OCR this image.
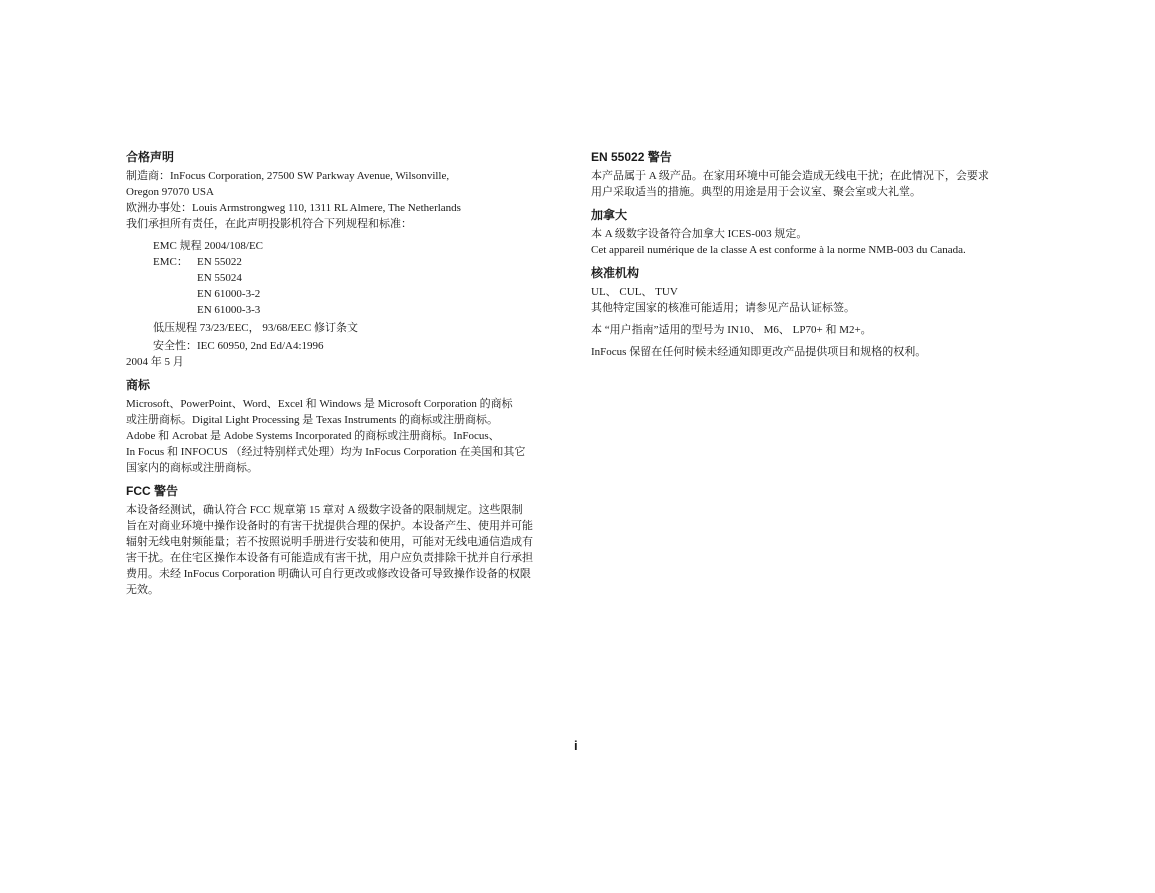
合格声明
制造商：InFocus Corporation, 27500 SW Parkway Avenue, Wilsonville,
Oregon 97070 USA
欧洲办事处：Louis Armstrongweg 110, 1311 RL Almere, The Netherlands
我们承担所有责任，在此声明投影机符合下列规程和标准：
EMC 规程 2004/108/EC
EMC： EN 55022
EN 55024
EN 61000-3-2
EN 61000-3-3
低压规程 73/23/EEC， 93/68/EEC 修订条文
安全性：IEC 60950, 2nd Ed/A4:1996
2004 年 5 月
商标
Microsoft、PowerPoint、Word、Excel 和 Windows 是 Microsoft Corporation 的商标
或注册商标。Digital Light Processing 是 Texas Instruments 的商标或注册商标。
Adobe 和 Acrobat 是 Adobe Systems Incorporated 的商标或注册商标。InFocus、
In Focus 和 INFOCUS （经过特别样式处理）均为 InFocus Corporation 在美国和其它
国家内的商标或注册商标。
FCC 警告
本设备经测试，确认符合 FCC 规章第 15 章对 A 级数字设备的限制规定。这些限制
旨在对商业环境中操作设备时的有害干扰提供合理的保护。本设备产生、使用并可能
辐射无线电射频能量；若不按照说明手册进行安装和使用，可能对无线电通信造成有
害干扰。在住宅区操作本设备有可能造成有害干扰，用户应负责排除干扰并自行承担
费用。未经 InFocus Corporation 明确认可自行更改或修改设备可导致操作设备的权限
无效。
EN 55022 警告
本产品属于 A 级产品。在家用环境中可能会造成无线电干扰；在此情况下，会要求
用户采取适当的措施。典型的用途是用于会议室、聚会室或大礼堂。
加拿大
本 A 级数字设备符合加拿大 ICES-003 规定。
Cet appareil numérique de la classe A est conforme à la norme NMB-003 du Canada.
核准机构
UL、 CUL、 TUV
其他特定国家的核准可能适用；请参见产品认证标签。
本 “用户指南”适用的型号为 IN10、 M6、 LP70+ 和 M2+。
InFocus 保留在任何时候未经通知即更改产品提供项目和规格的权利。
i
